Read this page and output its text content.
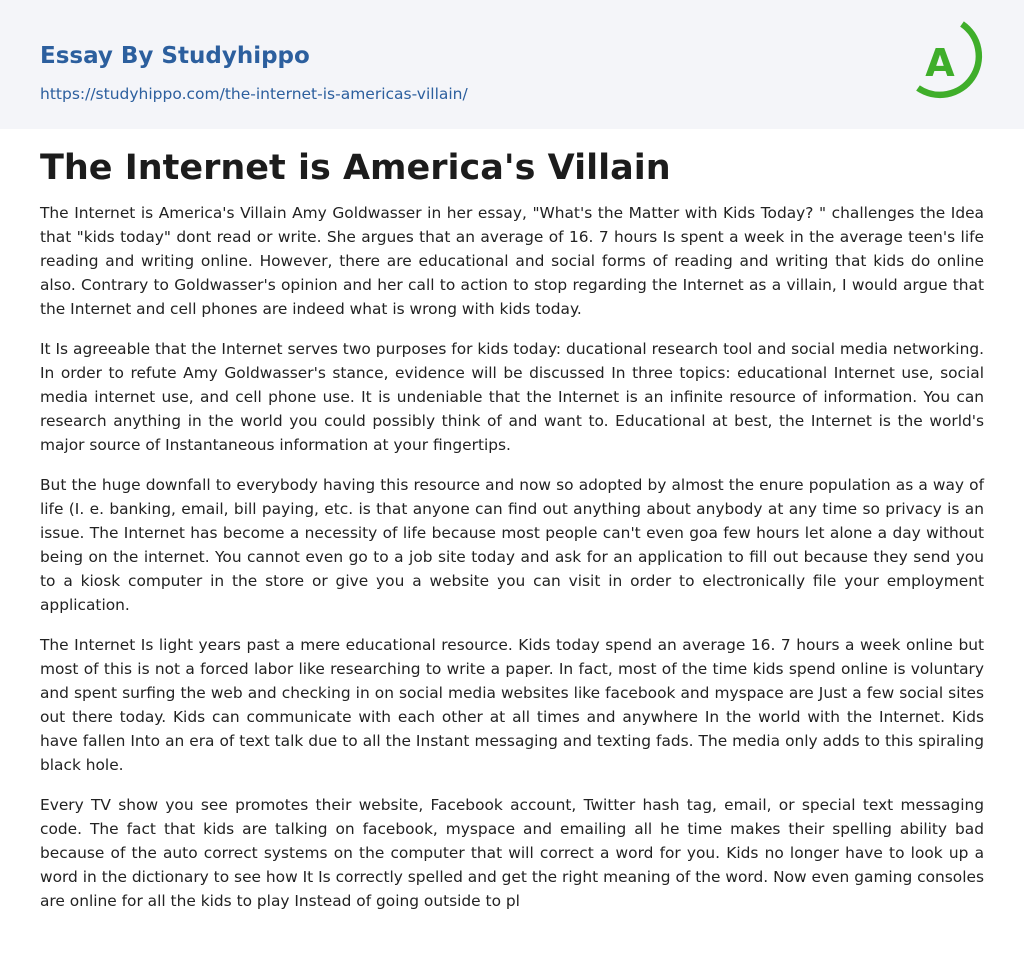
Essay By Studyhippo
https://studyhippo.com/the-internet-is-americas-villain/
A
The Internet is America's Villain

The Internet is America's Villain Amy Goldwasser in her essay, "What's the Matter with Kids Today? " challenges the Idea that "kids today" dont read or write. She argues that an average of 16. 7 hours Is spent a week in the average teen's life reading and writing online. However, there are educational and social forms of reading and writing that kids do online also. Contrary to Goldwasser's opinion and her call to action to stop regarding the Internet as a villain, I would argue that the Internet and cell phones are indeed what is wrong with kids today.

It Is agreeable that the Internet serves two purposes for kids today: ducational research tool and social media networking. In order to refute Amy Goldwasser's stance, evidence will be discussed In three topics: educational Internet use, social media internet use, and cell phone use. It is undeniable that the Internet is an infinite resource of information. You can research anything in the world you could possibly think of and want to. Educational at best, the Internet is the world's major source of Instantaneous information at your fingertips.

But the huge downfall to everybody having this resource and now so adopted by almost the enure population as a way of life (I. e. banking, email, bill paying, etc. is that anyone can find out anything about anybody at any time so privacy is an issue. The Internet has become a necessity of life because most people can't even goa few hours let alone a day without being on the internet. You cannot even go to a job site today and ask for an application to fill out because they send you to a kiosk computer in the store or give you a website you can visit in order to electronically file your employment application.

The Internet Is light years past a mere educational resource. Kids today spend an average 16. 7 hours a week online but most of this is not a forced labor like researching to write a paper. In fact, most of the time kids spend online is voluntary and spent surfing the web and checking in on social media websites like facebook and myspace are Just a few social sites out there today. Kids can communicate with each other at all times and anywhere In the world with the Internet. Kids have fallen Into an era of text talk due to all the Instant messaging and texting fads. The media only adds to this spiraling black hole.

Every TV show you see promotes their website, Facebook account, Twitter hash tag, email, or special text messaging code. The fact that kids are talking on facebook, myspace and emailing all he time makes their spelling ability bad because of the auto correct systems on the computer that will correct a word for you. Kids no longer have to look up a word in the dictionary to see how It Is correctly spelled and get the right meaning of the word. Now even gaming consoles are online for all the kids to play Instead of going outside to pl
